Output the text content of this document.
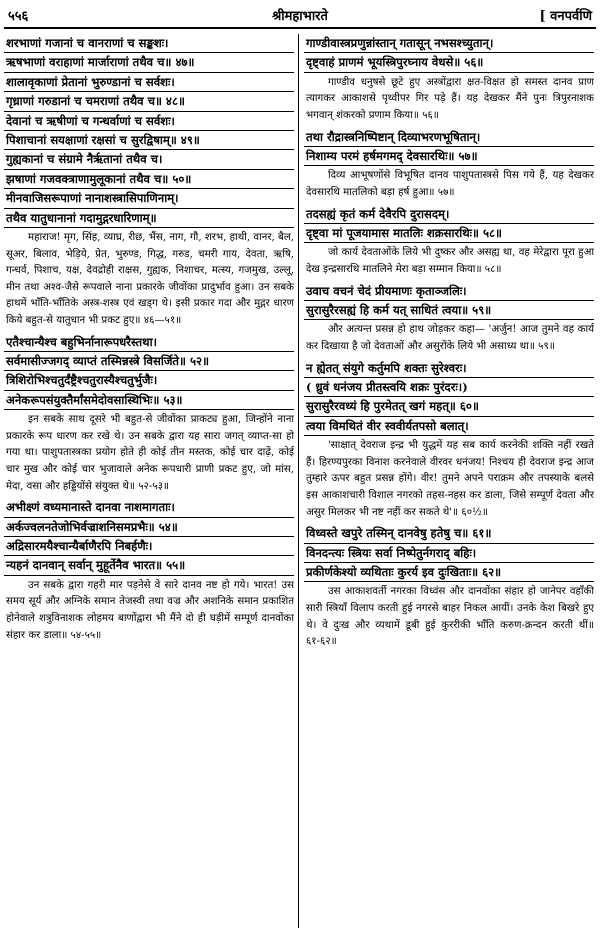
५५६	श्रीमहाभारते	[ वनपर्वणि
शरभाणां गजानां च वानराणां च सङ्कशः।
ऋषभाणां वराहाणां मार्जाराणां तथैव च॥ ४७॥
शालावृकाणां प्रेतानां भुरुण्डानां च सर्वशः।
गृध्राणां गरुडानां च चमराणां तथैव च॥ ४८॥
देवानां च ऋषीणां च गन्धर्वाणां च सर्वशः।
पिशाचानां सयक्षाणां रक्षसां च सुरद्विषाम्॥ ४९॥
गुह्यकानां च संग्रामे नैर्ऋतानां तथैव च।
झषाणां गजवक्त्राणामुलूकानां तथैव च॥ ५०॥
मीनवाजिसरूपाणां नानाशस्त्रासिपाणिनाम्।
तथैव यातुधानानां गदामुद्गरधारिणाम्॥
महाराज! मृग, सिंह, व्याघ्र, रीछ, भैंस, नाग, गौ, शरभ, हाथी, वानर, बैल, सूअर, बिलाव, भेड़िये, प्रेत, भुरुण्ड, गिद्ध, गरुड, चमरी गाय, देवता, ऋषि, गन्धर्व, पिशाच, यक्ष, देवद्रोही राक्षस, गुह्यक, निशाचर, मत्स्य, गजमुख, उल्लू, मीन तथा अश्व-जैसे रूपवाले नाना प्रकारके जीवोंका प्रादुर्भाव हुआ। उन सबके हाथमें भाँति-भाँतिके अस्त्र-शस्त्र एवं खड्ग थे। इसी प्रकार गदा और मुद्गर धारण किये बहुत-से यातुधान भी प्रकट हुए॥ ४६—५१॥
एतैश्चान्यैश्च बहुभिर्नानारूपधरैस्तथा।
सर्वमासीज्जगद् व्याप्तं तस्मिन्नस्त्रे विसर्जिते॥ ५२॥
त्रिशिरोभिश्चतुर्दंष्ट्रैश्चतुरास्यैश्चतुर्भुजैः।
अनेकरूपसंयुक्तैर्मांसमेदोवसास्थिभिः॥ ५३॥
इन सबके साथ दूसरे भी बहुत-से जीवोंका प्राकट्य हुआ, जिन्होंने नाना प्रकारके रूप धारण कर रखे थे। उन सबके द्वारा यह सारा जगत् व्याप्त-सा हो गया था। पाशुपतास्त्रका प्रयोग होते ही कोई तीन मस्तक, कोई चार दाढ़ें, कोई चार मुख और कोई चार भुजावाले अनेक रूपधारी प्राणी प्रकट हुए, जो मांस, मेदा, वसा और हड्डियोंसे संयुक्त थे॥ ५२-५३॥
अभीक्ष्णं वध्यमानास्ते दानवा नाशमागताः।
अर्कज्वलनतेजोभिर्वज्राशनिसमप्रभैः॥ ५४॥
अद्रिसारमयैश्चान्यैर्बाणैरपि निबर्हणैः।
न्यहनं दानवान् सर्वान् मुहूर्तेनैव भारत॥ ५५॥
उन सबके द्वारा गहरी मार पड़नेसे वे सारे दानव नष्ट हो गये। भारत! उस समय सूर्य और अग्निके समान तेजस्वी तथा वज्र और अशनिके समान प्रकाशित होनेवाले शत्रुविनाशक लोहमय बाणोंद्वारा भी मैंने दो ही घड़ीमें सम्पूर्ण दानवोंका संहार कर डाला॥ ५४-५५॥
गाण्डीवास्त्रप्रणुन्नांस्तान् गतासून् नभसश्च्युतान्।
दृष्ट्वाहं प्राणमं भूयस्त्रिपुरघ्नाय वेधसे॥ ५६॥
गाण्डीव धनुषसे छूटे हुए अस्त्रोंद्वारा क्षत-विक्षत हो समस्त दानव प्राण त्यागकर आकाशसे पृथ्वीपर गिर पड़े हैं। यह देखकर मैंने पुनः त्रिपुरनाशक भगवान् शंकरको प्रणाम किया॥ ५६॥
तथा रौद्रास्त्रनिष्पिष्टान् दिव्याभरणभूषितान्।
निशाम्य परमं हर्षमगमद् देवसारथिः॥ ५७॥
दिव्य आभूषणोंसे विभूषित दानव पाशुपतास्त्रसे पिस गये हैं, यह देखकर देवसारथि मातलिको बड़ा हर्ष हुआ॥ ५७॥
तदसह्यं कृतं कर्म देवैरपि दुरासदम्।
दृष्ट्वा मां पूजयामास मातलिः शक्रसारथिः॥ ५८॥
जो कार्य देवताओंके लिये भी दुष्कर और असह्य था, वह मेरेद्वारा पूरा हुआ देख इन्द्रसारथि मातलिने मेरा बड़ा सम्मान किया॥ ५८॥
उवाच वचनं चेदं प्रीयमाणः कृताञ्जलिः।
सुरासुरैरसह्यं हि कर्म यत् साधितं त्वया॥ ५९॥
और अत्यन्त प्रसन्न हो हाथ जोड़कर कहा— 'अर्जुन! आज तुमने वह कार्य कर दिखाया है जो देवताओं और असुरोंके लिये भी असाध्य था॥ ५९॥
न ह्येतत् संयुगे कर्तुमपि शक्तः सुरेश्वरः।
( ध्रुवं धनंजय प्रीतस्त्वयि शक्रः पुरंदरः।)
सुरासुरैरवध्यं हि पुरमेतत् खगं महत्॥ ६०॥
त्वया विमथितं वीर स्ववीर्यतपसो बलात्।
'साक्षात् देवराज इन्द्र भी युद्धमें यह सब कार्य करनेकी शक्ति नहीं रखते हैं। हिरण्यपुरका विनाश करनेवाले वीरवर धनंजय! निश्चय ही देवराज इन्द्र आज तुम्हारे ऊपर बहुत प्रसन्न होंगे। वीर! तुमने अपने पराक्रम और तपस्याके बलसे इस आकाशचारी विशाल नगरको तहस-नहस कर डाला, जिसे सम्पूर्ण देवता और असुर मिलकर भी नष्ट नहीं कर सकते थे'॥ ६०½॥
विध्वस्ते खपुरे तस्मिन् दानवेषु हतेषु च॥ ६१॥
विनदन्त्यः स्त्रियः सर्वा निष्पेतुर्नगराद् बहिः।
प्रकीर्णकेश्यो व्यथिताः कुरर्य इव दुःखिताः॥ ६२॥
उस आकाशवर्ती नगरका विध्वंस और दानवोंका संहार हो जानेपर वहाँकी सारी स्त्रियाँ विलाप करती हुई नगरसे बाहर निकल आयीं। उनके केश बिखरे हुए थे। वे दुःख और व्यथामें डूबी हुई कुररीकी भाँति करुण-क्रन्दन करती थीं॥ ६१-६२॥
